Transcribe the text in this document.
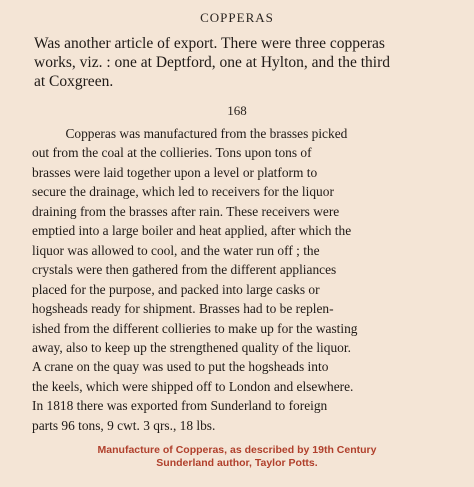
COPPERAS
Was another article of export. There were three copperas
works, viz. : one at Deptford, one at Hylton, and the third
at Coxgreen.
168
Copperas was manufactured from the brasses picked
out from the coal at the collieries. Tons upon tons of
brasses were laid together upon a level or platform to
secure the drainage, which led to receivers for the liquor
draining from the brasses after rain. These receivers were
emptied into a large boiler and heat applied, after which the
liquor was allowed to cool, and the water run off ; the
crystals were then gathered from the different appliances
placed for the purpose, and packed into large casks or
hogsheads ready for shipment. Brasses had to be replen-
ished from the different collieries to make up for the wasting
away, also to keep up the strengthened quality of the liquor.
A crane on the quay was used to put the hogsheads into
the keels, which were shipped off to London and elsewhere.
In 1818 there was exported from Sunderland to foreign
parts 96 tons, 9 cwt. 3 qrs., 18 lbs.
Manufacture of Copperas, as described by 19th Century
Sunderland author, Taylor Potts.
